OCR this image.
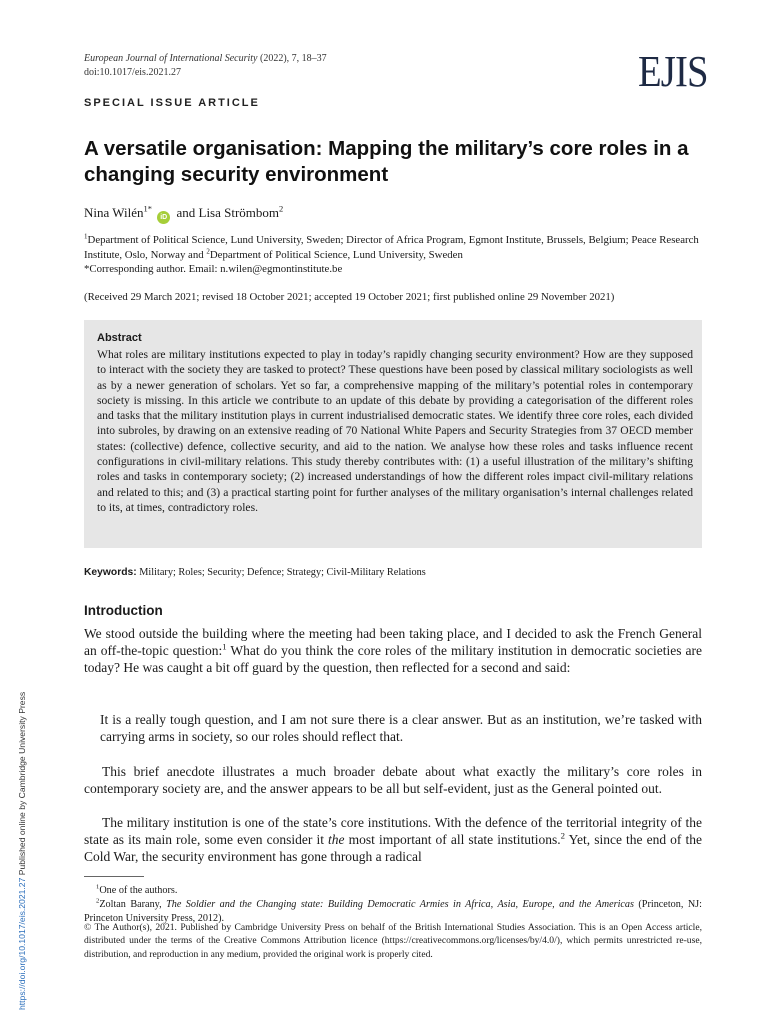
European Journal of International Security (2022), 7, 18–37
doi:10.1017/eis.2021.27	EJIS
SPECIAL ISSUE ARTICLE
A versatile organisation: Mapping the military’s core roles in a changing security environment
Nina Wilén$^{1*}$ iD and Lisa Strömbom$^2$
$^1$Department of Political Science, Lund University, Sweden; Director of Africa Program, Egmont Institute, Brussels, Belgium; Peace Research Institute, Oslo, Norway and $^2$Department of Political Science, Lund University, Sweden
*Corresponding author. Email: n.wilen@egmontinstitute.be
(Received 29 March 2021; revised 18 October 2021; accepted 19 October 2021; first published online 29 November 2021)
Abstract
What roles are military institutions expected to play in today’s rapidly changing security environment? How are they supposed to interact with the society they are tasked to protect? These questions have been posed by classical military sociologists as well as by a newer generation of scholars. Yet so far, a comprehensive mapping of the military’s potential roles in contemporary society is missing. In this article we contribute to an update of this debate by providing a categorisation of the different roles and tasks that the military institution plays in current industrialised democratic states. We identify three core roles, each divided into subroles, by drawing on an extensive reading of 70 National White Papers and Security Strategies from 37 OECD member states: (collective) defence, collective security, and aid to the nation. We analyse how these roles and tasks influence recent configurations in civil-military relations. This study thereby contributes with: (1) a useful illustration of the military’s shifting roles and tasks in contemporary society; (2) increased understandings of how the different roles impact civil-military relations and related to this; and (3) a practical starting point for further analyses of the military organisation’s internal challenges related to its, at times, contradictory roles.
Keywords: Military; Roles; Security; Defence; Strategy; Civil-Military Relations
Introduction
We stood outside the building where the meeting had been taking place, and I decided to ask the French General an off-the-topic question:$^1$ What do you think the core roles of the military institution in democratic societies are today? He was caught a bit off guard by the question, then reflected for a second and said:
It is a really tough question, and I am not sure there is a clear answer. But as an institution, we’re tasked with carrying arms in society, so our roles should reflect that.
This brief anecdote illustrates a much broader debate about what exactly the military’s core roles in contemporary society are, and the answer appears to be all but self-evident, just as the General pointed out.
The military institution is one of the state’s core institutions. With the defence of the territorial integrity of the state as its main role, some even consider it the most important of all state institutions.$^2$ Yet, since the end of the Cold War, the security environment has gone through a radical
$^1$One of the authors.
$^2$Zoltan Barany, The Soldier and the Changing state: Building Democratic Armies in Africa, Asia, Europe, and the Americas (Princeton, NJ: Princeton University Press, 2012).
© The Author(s), 2021. Published by Cambridge University Press on behalf of the British International Studies Association. This is an Open Access article, distributed under the terms of the Creative Commons Attribution licence (https://creativecommons.org/licenses/by/4.0/), which permits unrestricted re-use, distribution, and reproduction in any medium, provided the original work is properly cited.
https://doi.org/10.1017/eis.2021.27 Published online by Cambridge University Press
